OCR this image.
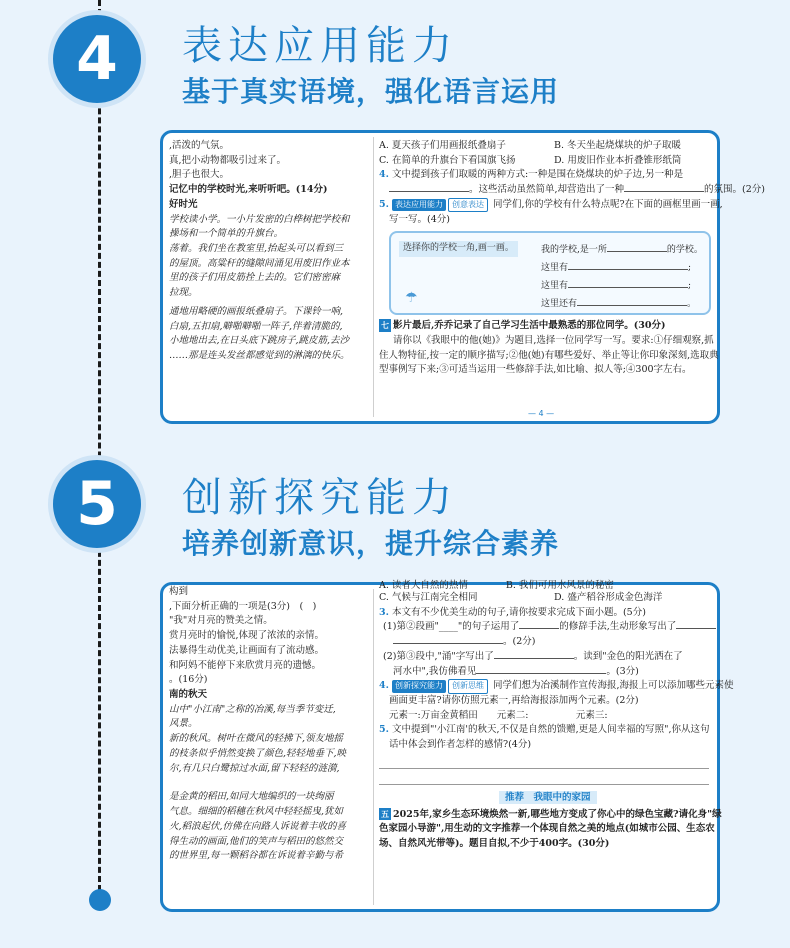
4	表达应用能力
基于真实语境，强化语言运用
,活泼的气氛。
真,把小动物都吸引过来了。
,胆子也很大。
记忆中的学校时光,来听听吧。(14分)
好时光
学校读小学。一小片发密的白桦树把学校和
操场和一个简单的升旗台。
荡着。我们坐在教室里,抬起头可以看到三
的屋顶。高粱秆的缝隙间涌见用废旧作业本
里的孩子们用皮筋拴上去的。它们密密麻
拉现。
通地用略硬的画报纸叠扇子。下课铃一响,
白扇,五扣扇,噼啪噼啪一阵子,伴着清脆的,
小地地出去,在日头底下跳房子,跳皮筋,去沙
……那是连头发丝都感觉到的淋漓的快乐。
A. 夏天孩子们用画报纸叠扇子	B. 冬天坐起烧煤块的炉子取暖
C. 在简单的升旗台下看国旗飞扬	D. 用废旧作业本折叠锥形纸筒
4. 文中提到孩子们取暖的两种方式:一种是围在烧煤块的炉子边,另一种是
。这些活动虽然简单,却营造出了一种	的氛围。(2分)
5. 表达应用能力 创意表达 同学们,你的学校有什么特点呢?在下面的画框里画一画,
写一写。(4分)
选择你的学校一角,画一画。	我的学校,是一所	的学校。
这里有	;
这里有	;
这里还有	。
☂
七 影片最后,乔乔记录了自己学习生活中最熟悉的那位同学。(30分)
请你以《我眼中的他(她)》为题目,选择一位同学写一写。要求:①仔细观察,抓
住人物特征,按一定的顺序描写;②他(她)有哪些爱好、举止等让你印象深刻,选取典
型事例写下来;③可适当运用一些修辞手法,如比喻、拟人等;④300字左右。
— 4 —
5	创新探究能力
培养创新意识，提升综合素养
构到
,下面分析正确的一项是(3分)　(　)
"我"对月亮的赞美之情。
赏月亮时的愉悦,体现了浓浓的亲情。
法暴得生动优美,让画面有了流动感。
和阿妈不能停下来欣赏月亮的遗憾。
。(16分)
南的秋天
山中"小江南"之称的冶溪,每当季节变迁,
风景。
新的秋风。树叶在微风的轻拂下,领友地摇
的枝条似乎悄然变换了颜色,轻轻地垂下,映
尔,有几只白鹭掠过水面,留下轻轻的涟漪,
是金黄的稻田,如同大地编织的一块绚丽
气息。细细的稻穗在秋风中轻轻摇曳,犹如
火,稻浪起伏,仿佛在向路人诉说着丰收的喜
得生动的画面,他们的笑声与稻田的悠然交
的世界里,每一颗稻谷都在诉说着辛勤与希
A. 读者大自然的热情　　　　B. 我们可用水风景的秘密
C. 气候与江南完全相同	D. 盛产稻谷形成金色海洋
3. 本文有不少优美生动的句子,请你按要求完成下面小题。(5分)
(1)第②段画"____"的句子运用了	的修辞手法,生动形象写出了
。(2分)
(2)第③段中,"涌"字写出了	。读到"金色的阳光洒在了
河水中",我仿佛看见	。(3分)
4. 创新探究能力 创新思维 同学们想为冶溪制作宣传海报,海报上可以添加哪些元素使
画面更丰富?请你仿照元素一,再给海报添加两个元素。(2分)
元素一:万亩金黄稻田　　元素二:　　　　　元素三:
5. 文中提到"'小江南'的秋天,不仅是自然的馈赠,更是人间幸福的写照",你从这句
话中体会到作者怎样的感情?(4分)
推荐　我眼中的家园
五 2025年,家乡生态环境焕然一新,哪些地方变成了你心中的绿色宝藏?请化身"绿
色家园小导游",用生动的文字推荐一个体现自然之美的地点(如城市公园、生态农
场、自然风光带等)。题目自拟,不少于400字。(30分)
